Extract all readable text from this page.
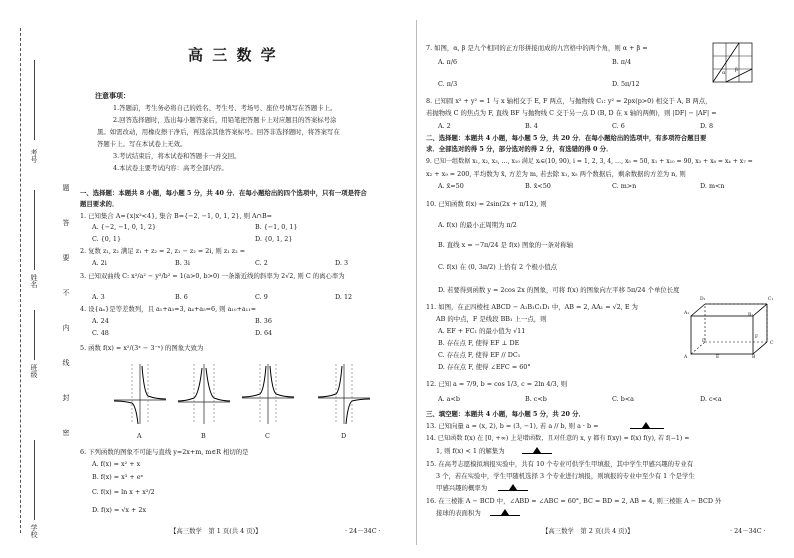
考号
姓名
班级
学校
题
答
要
不
内
线
封
密
高 三 数 学
注意事项：
1.答题前，考生务必将自己的姓名、考生号、考场号、座位号填写在答题卡上。
2.回答选择题时，选出每小题答案后，用铅笔把答题卡上对应题目的答案标号涂
黑。如需改动，用橡皮擦干净后，再选涂其他答案标号。回答非选择题时，将答案写在
答题卡上。写在本试卷上无效。
3.考试结束后，将本试卷和答题卡一并交回。
4.本试卷主要考试内容：高考全部内容。
一、选择题：本题共 8 小题，每小题 5 分，共 40 分．在每小题给出的四个选项中，只有一项是符合
题目要求的．
1. 已知集合 A={x|x²<4}, 集合 B={−2, −1, 0, 1, 2}, 则 A∩B=
A. {−2, −1, 0, 1, 2}	B. {−1, 0, 1}
C. {0, 1}	D. {0, 1, 2}
2. 复数 z₁, z₂ 满足 z₁ + z₂ = 2, z₁ − z₂ = 2i, 则 z₁ z₂ =
A. 2i	B. 3i	C. 2	D. 3
3. 已知双曲线 C: x²/a² − y²/b² = 1(a>0, b>0) 一条渐近线的斜率为 2√2, 则 C 的离心率为
A. 3	B. 6	C. 9	D. 12
4. 设{aₙ}是等差数列，且 a₁+a₃=3, a₄+a₅=6, 则 a₁₀+a₁₁=
A. 24	B. 36
C. 48	D. 64
5. 函数 f(x) = x²/(3ˣ − 3⁻ˣ) 的图象大致为
A	B	C	D
6. 下列函数的图象不可能与直线 y=2x+m, m∈R 相切的是
A. f(x) = x² + x
B. f(x) = x³ + eˣ
C. f(x) = ln x + x²/2
D. f(x) = √x + 2x
【高三数学　第 1 页(共 4 页)】	· 24－34C ·
7. 如图，α, β 是九个相同的正方形拼接而成的九宫格中的两个角，则 α + β =
A. π/6	B. π/4
C. π/3	D. 5π/12
α β
8. 已知圆 x² + y² = 1 与 x 轴相交于 E, F 两点，与抛物线 C₁: y² = 2px(p>0) 相交于 A, B 两点，
若抛物线 C 的焦点为 F, 直线 BF 与抛物线 C 交于另一点 D (B, D 在 x 轴的两侧)，则 |DF| − |AF| =
A. 2	B. 4	C. 6	D. 8
二、选择题：本题共 4 小题，每小题 5 分，共 20 分．在每小题给出的选项中，有多项符合题目要
求．全部选对的得 5 分，部分选对的得 2 分，有选错的得 0 分．
9. 已知一组数据 x₁, x₂, x₃, …, x₁₀ 满足 xᵢ∈(10, 90), i = 1, 2, 3, 4, …, x₅ = 50, x₁ + x₁₀ = 90, x₃ + x₈ = x₄ + x₇ =
x₂ + x₉ = 200, 平均数为 x̄, 方差为 m, 若去除 x₁, x₅ 两个数据后，剩余数据的方差为 n, 则
A. x̄=50	B. x̄<50	C. m>n	D. m<n
10. 已知函数 f(x) = 2sin(2x + π/12), 则
A. f(x) 的最小正周期为 π/2
B. 直线 x = −7π/24 是 f(x) 图象的一条对称轴
C. f(x) 在 (0, 3π/2) 上恰有 2 个极小值点
D. 若要得到函数 y = 2cos 2x 的图象，可将 f(x) 的图象向左平移 5π/24 个单位长度
11. 如图，在正四棱柱 ABCD − A₁B₁C₁D₁ 中，AB = 2, AA₁ = √2, E 为
AB 的中点，F 是线段 BB₁ 上一点，则
A. EF + FC₁ 的最小值为 √11
B. 存在点 F, 使得 EF ⊥ DE
C. 存在点 F, 使得 EF // DC₁
D. 存在点 F, 使得 ∠EFC = 60°
D₁
A₁	B₁
C₁
D	C
A	E	B
F
12. 已知 a = 7/9, b = cos 1/3, c = 2ln 4/3, 则
A. a<b	B. c<b	C. b<a	D. c<a
三、填空题：本题共 4 小题，每小题 5 分，共 20 分．
13. 已知向量 a = (x, 2), b = (3, −1), 若 a // b, 则 a · b =
14. 已知函数 f(x) 在 [0, +∞) 上是增函数，且对任意的 x, y 都有 f(xy) = f(x) f(y), 若 f(−1) =
1, 则 f(x) < 1 的解集为
15. 在高考志愿模拟填报实验中，共有 10 个专业可供学生甲填报，其中学生甲感兴趣的专业有
3 个，若在实验中，学生甲随机选择 3 个专业进行填报，则填报的专业中至少有 1 个是学生
甲感兴趣的概率为
16. 在三棱锥 A − BCD 中，∠ABD = ∠ABC = 60°, BC = BD = 2, AB = 4, 则三棱锥 A − BCD 外
接球的表面积为
【高三数学　第 2 页(共 4 页)】	· 24－34C ·
